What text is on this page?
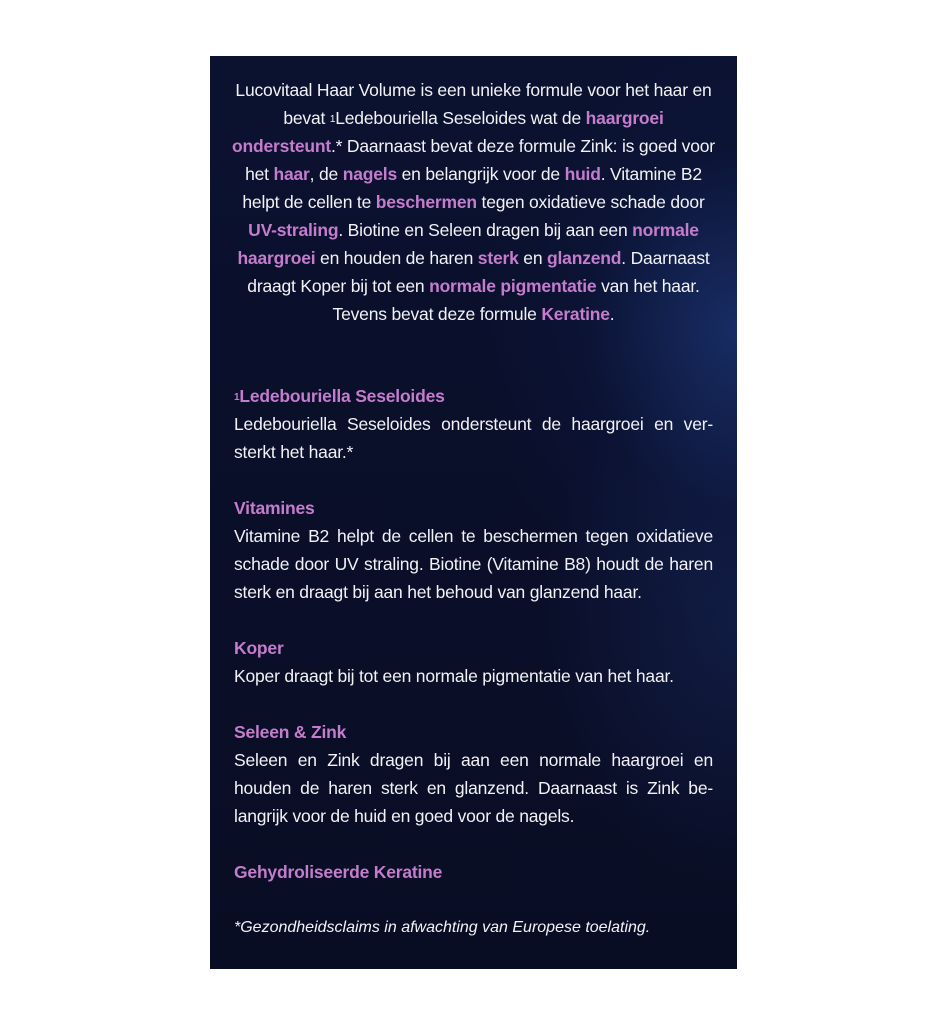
Lucovitaal Haar Volume is een unieke formule voor het haar en bevat $^1$Ledebouriella Seseloides wat de haargroei ondersteunt.* Daarnaast bevat deze formule Zink: is goed voor het haar, de nagels en belangrijk voor de huid. Vitamine B2 helpt de cellen te beschermen tegen oxidatieve schade door UV-straling. Biotine en Seleen dragen bij aan een normale haargroei en houden de haren sterk en glanzend. Daarnaast draagt Koper bij tot een normale pigmentatie van het haar. Tevens bevat deze formule Keratine.
$^1$Ledebouriella Seseloides
Ledebouriella Seseloides ondersteunt de haargroei en ver-sterkt het haar.*
Vitamines
Vitamine B2 helpt de cellen te beschermen tegen oxidatieve schade door UV straling. Biotine (Vitamine B8) houdt de haren sterk en draagt bij aan het behoud van glanzend haar.
Koper
Koper draagt bij tot een normale pigmentatie van het haar.
Seleen & Zink
Seleen en Zink dragen bij aan een normale haargroei en houden de haren sterk en glanzend. Daarnaast is Zink be-langrijk voor de huid en goed voor de nagels.
Gehydroliseerde Keratine
*Gezondheidsclaims in afwachting van Europese toelating.
